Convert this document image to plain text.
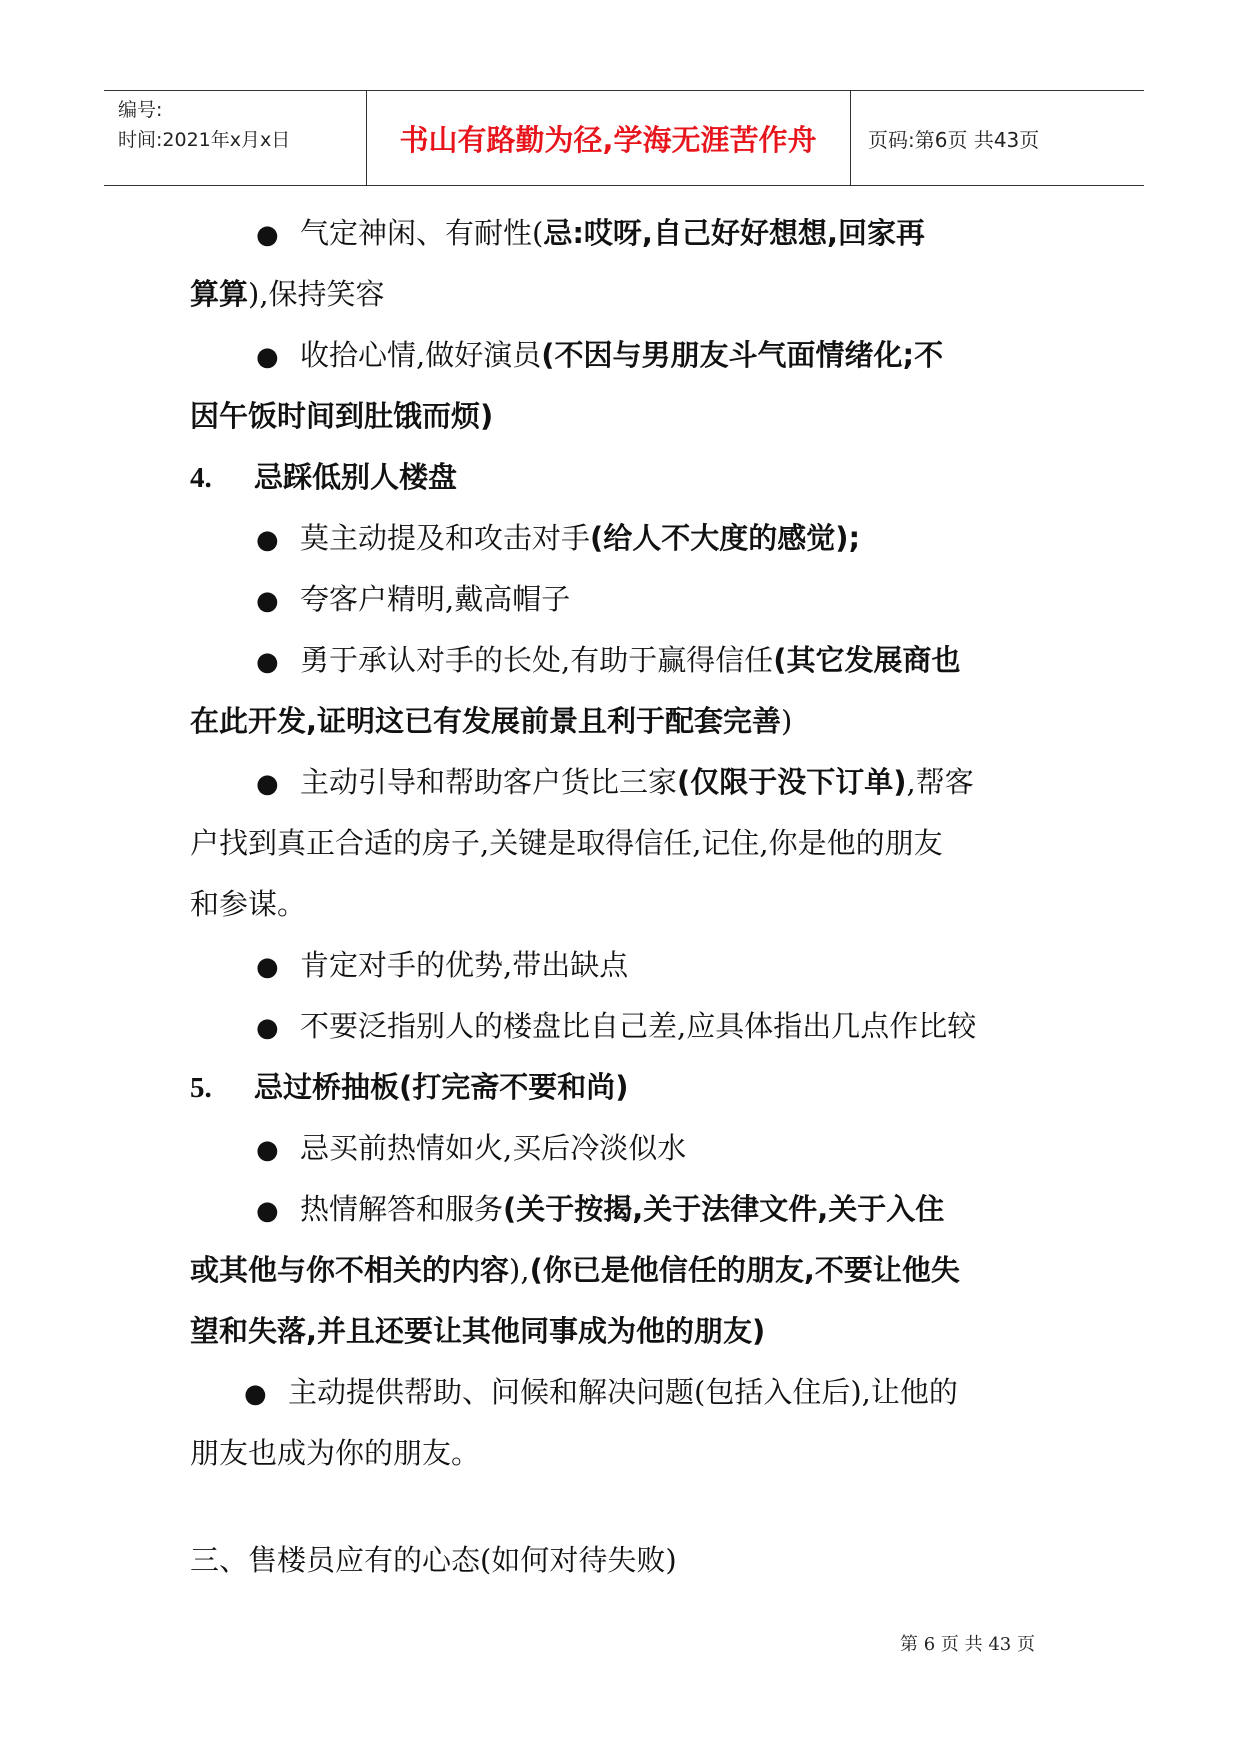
编号:
时间:2021年x月x日	书山有路勤为径,学海无涯苦作舟	页码:第6页 共43页
● 气定神闲、有耐性(忌:哎呀,自己好好想想,回家再
算算),保持笑容
● 收拾心情,做好演员(不因与男朋友斗气面情绪化;不
因午饭时间到肚饿而烦)
4. 忌踩低别人楼盘
● 莫主动提及和攻击对手(给人不大度的感觉);
● 夸客户精明,戴高帽子
● 勇于承认对手的长处,有助于赢得信任(其它发展商也
在此开发,证明这已有发展前景且利于配套完善)
● 主动引导和帮助客户货比三家(仅限于没下订单),帮客
户找到真正合适的房子,关键是取得信任,记住,你是他的朋友
和参谋。
● 肯定对手的优势,带出缺点
● 不要泛指别人的楼盘比自己差,应具体指出几点作比较
5. 忌过桥抽板(打完斋不要和尚)
● 忌买前热情如火,买后冷淡似水
● 热情解答和服务(关于按揭,关于法律文件,关于入住
或其他与你不相关的内容),(你已是他信任的朋友,不要让他失
望和失落,并且还要让其他同事成为他的朋友)
● 主动提供帮助、问候和解决问题(包括入住后),让他的
朋友也成为你的朋友。
三、售楼员应有的心态(如何对待失败)
第 6 页 共 43 页
